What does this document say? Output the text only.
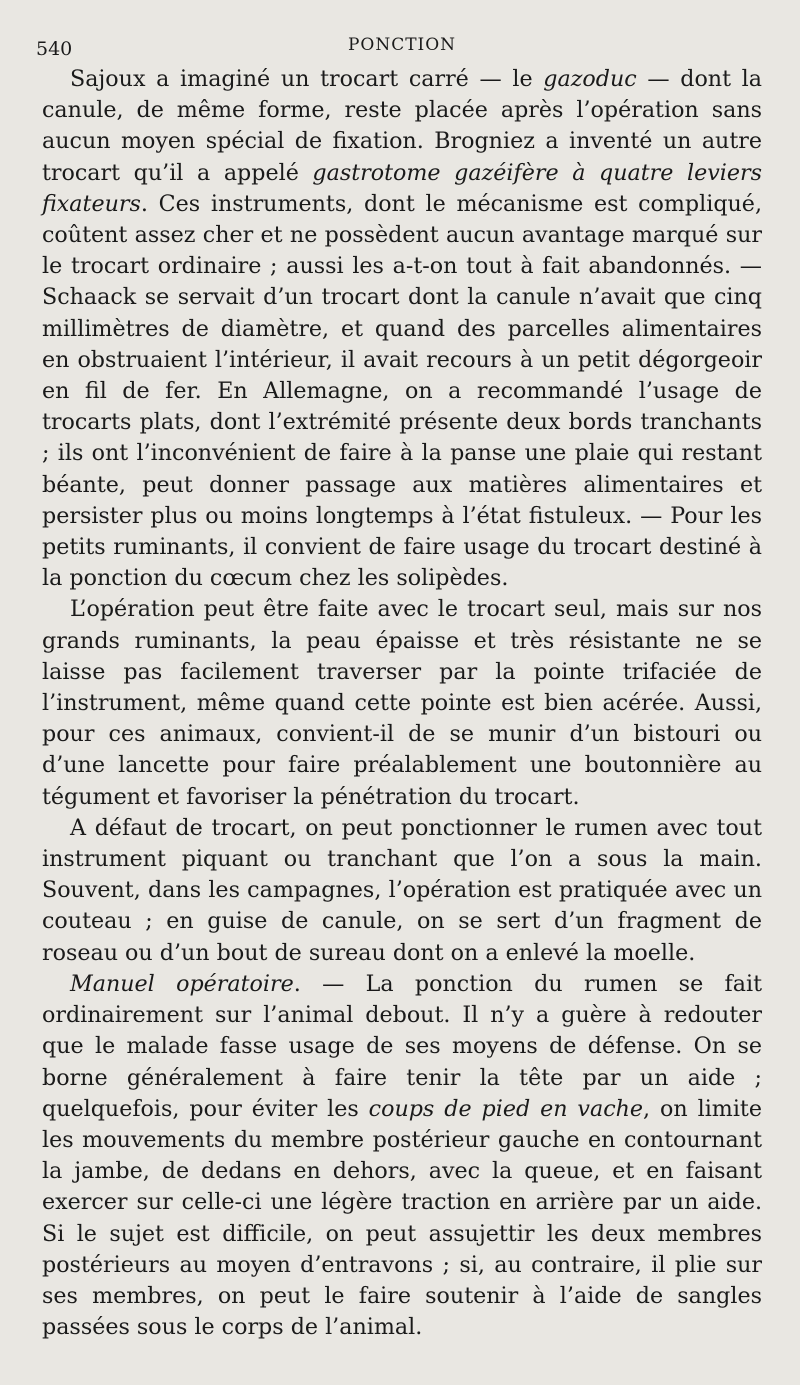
540	PONCTION

Sajoux a imaginé un trocart carré — le gazoduc — dont la canule, de même forme, reste placée après l’opération sans aucun moyen spécial de fixation. Brogniez a inventé un autre trocart qu’il a appelé gastrotome gazéifère à quatre leviers fixateurs. Ces instruments, dont le mécanisme est compliqué, coûtent assez cher et ne possèdent aucun avantage marqué sur le trocart ordinaire ; aussi les a-t-on tout à fait abandonnés. — Schaack se servait d’un trocart dont la canule n’avait que cinq millimètres de diamètre, et quand des parcelles alimentaires en obstruaient l’intérieur, il avait recours à un petit dégorgeoir en fil de fer. En Allemagne, on a recommandé l’usage de trocarts plats, dont l’extrémité présente deux bords tranchants ; ils ont l’inconvénient de faire à la panse une plaie qui restant béante, peut donner passage aux matières alimentaires et persister plus ou moins longtemps à l’état fistuleux. — Pour les petits ruminants, il convient de faire usage du trocart destiné à la ponction du cœcum chez les solipèdes.

L’opération peut être faite avec le trocart seul, mais sur nos grands ruminants, la peau épaisse et très résistante ne se laisse pas facilement traverser par la pointe trifaciée de l’instrument, même quand cette pointe est bien acérée. Aussi, pour ces animaux, convient-il de se munir d’un bistouri ou d’une lancette pour faire préalablement une boutonnière au tégument et favoriser la pénétration du trocart.

A défaut de trocart, on peut ponctionner le rumen avec tout instrument piquant ou tranchant que l’on a sous la main. Souvent, dans les campagnes, l’opération est pratiquée avec un couteau ; en guise de canule, on se sert d’un fragment de roseau ou d’un bout de sureau dont on a enlevé la moelle.

Manuel opératoire. — La ponction du rumen se fait ordinairement sur l’animal debout. Il n’y a guère à redouter que le malade fasse usage de ses moyens de défense. On se borne généralement à faire tenir la tête par un aide ; quelquefois, pour éviter les coups de pied en vache, on limite les mouvements du membre postérieur gauche en contournant la jambe, de dedans en dehors, avec la queue, et en faisant exercer sur celle-ci une légère traction en arrière par un aide. Si le sujet est difficile, on peut assujettir les deux membres postérieurs au moyen d’entravons ; si, au contraire, il plie sur ses membres, on peut le faire soutenir à l’aide de sangles passées sous le corps de l’animal.
